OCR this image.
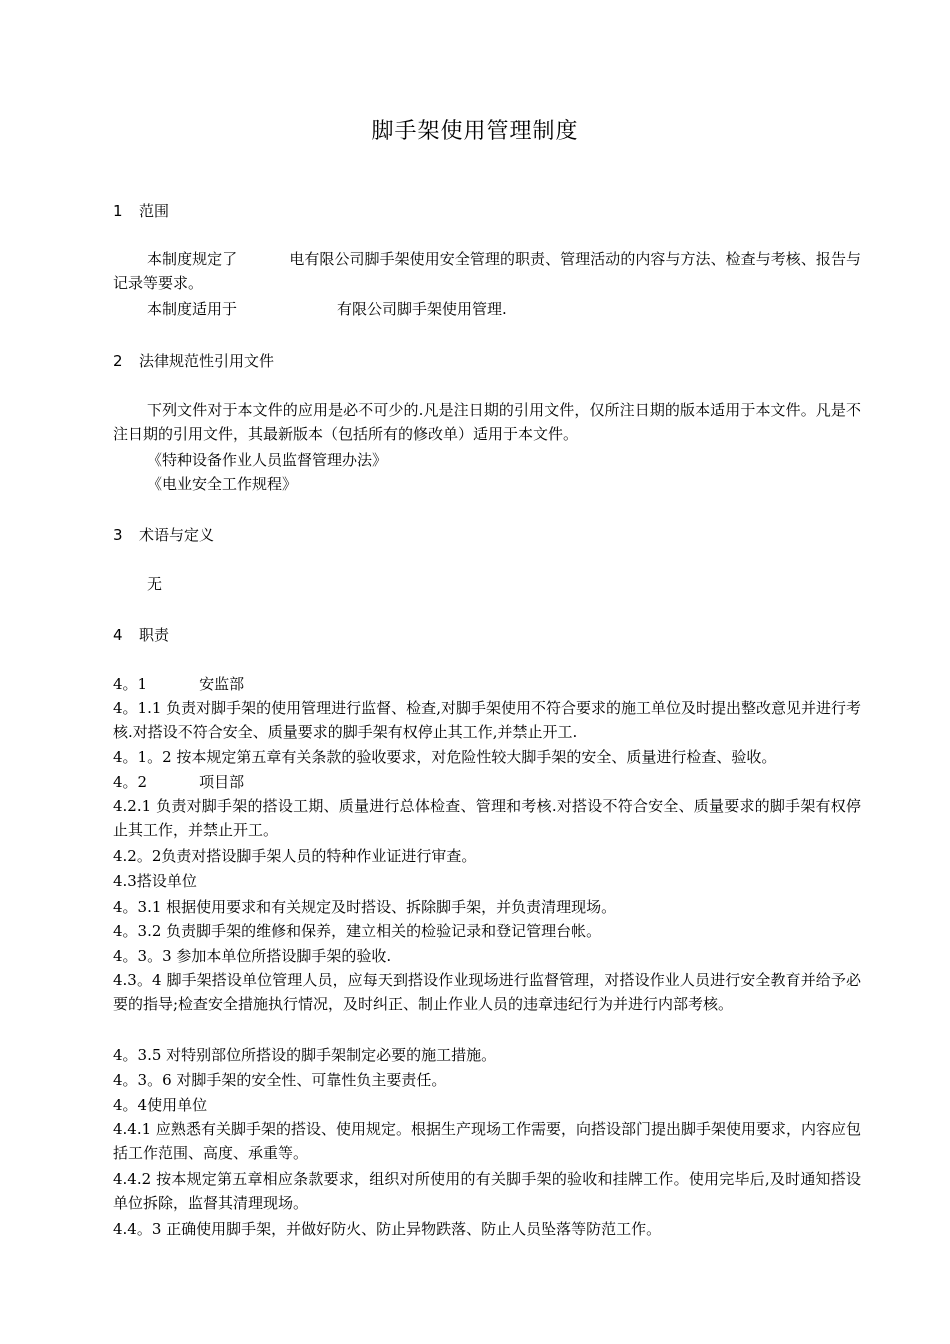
脚手架使用管理制度
1 范围
本制度规定了	电有限公司脚手架使用安全管理的职责、管理活动的内容与方法、检查与考核、报告与记录等要求。
本制度适用于	有限公司脚手架使用管理.
2 法律规范性引用文件
下列文件对于本文件的应用是必不可少的.凡是注日期的引用文件，仅所注日期的版本适用于本文件。凡是不注日期的引用文件，其最新版本（包括所有的修改单）适用于本文件。
《特种设备作业人员监督管理办法》
《电业安全工作规程》
3 术语与定义
无
4 职责
4。1	安监部
4。1.1 负责对脚手架的使用管理进行监督、检查,对脚手架使用不符合要求的施工单位及时提出整改意见并进行考核.对搭设不符合安全、质量要求的脚手架有权停止其工作,并禁止开工.
4。1。2 按本规定第五章有关条款的验收要求，对危险性较大脚手架的安全、质量进行检查、验收。
4。2	项目部
4.2.1 负责对脚手架的搭设工期、质量进行总体检查、管理和考核.对搭设不符合安全、质量要求的脚手架有权停止其工作，并禁止开工。
4.2。2负责对搭设脚手架人员的特种作业证进行审查。
4.3搭设单位
4。3.1 根据使用要求和有关规定及时搭设、拆除脚手架，并负责清理现场。
4。3.2 负责脚手架的维修和保养，建立相关的检验记录和登记管理台帐。
4。3。3 参加本单位所搭设脚手架的验收.
4.3。4 脚手架搭设单位管理人员，应每天到搭设作业现场进行监督管理，对搭设作业人员进行安全教育并给予必要的指导;检查安全措施执行情况，及时纠正、制止作业人员的违章违纪行为并进行内部考核。
4。3.5 对特别部位所搭设的脚手架制定必要的施工措施。
4。3。6 对脚手架的安全性、可靠性负主要责任。
4。4使用单位
4.4.1 应熟悉有关脚手架的搭设、使用规定。根据生产现场工作需要，向搭设部门提出脚手架使用要求，内容应包括工作范围、高度、承重等。
4.4.2 按本规定第五章相应条款要求，组织对所使用的有关脚手架的验收和挂牌工作。使用完毕后,及时通知搭设单位拆除，监督其清理现场。
4.4。3 正确使用脚手架，并做好防火、防止异物跌落、防止人员坠落等防范工作。
